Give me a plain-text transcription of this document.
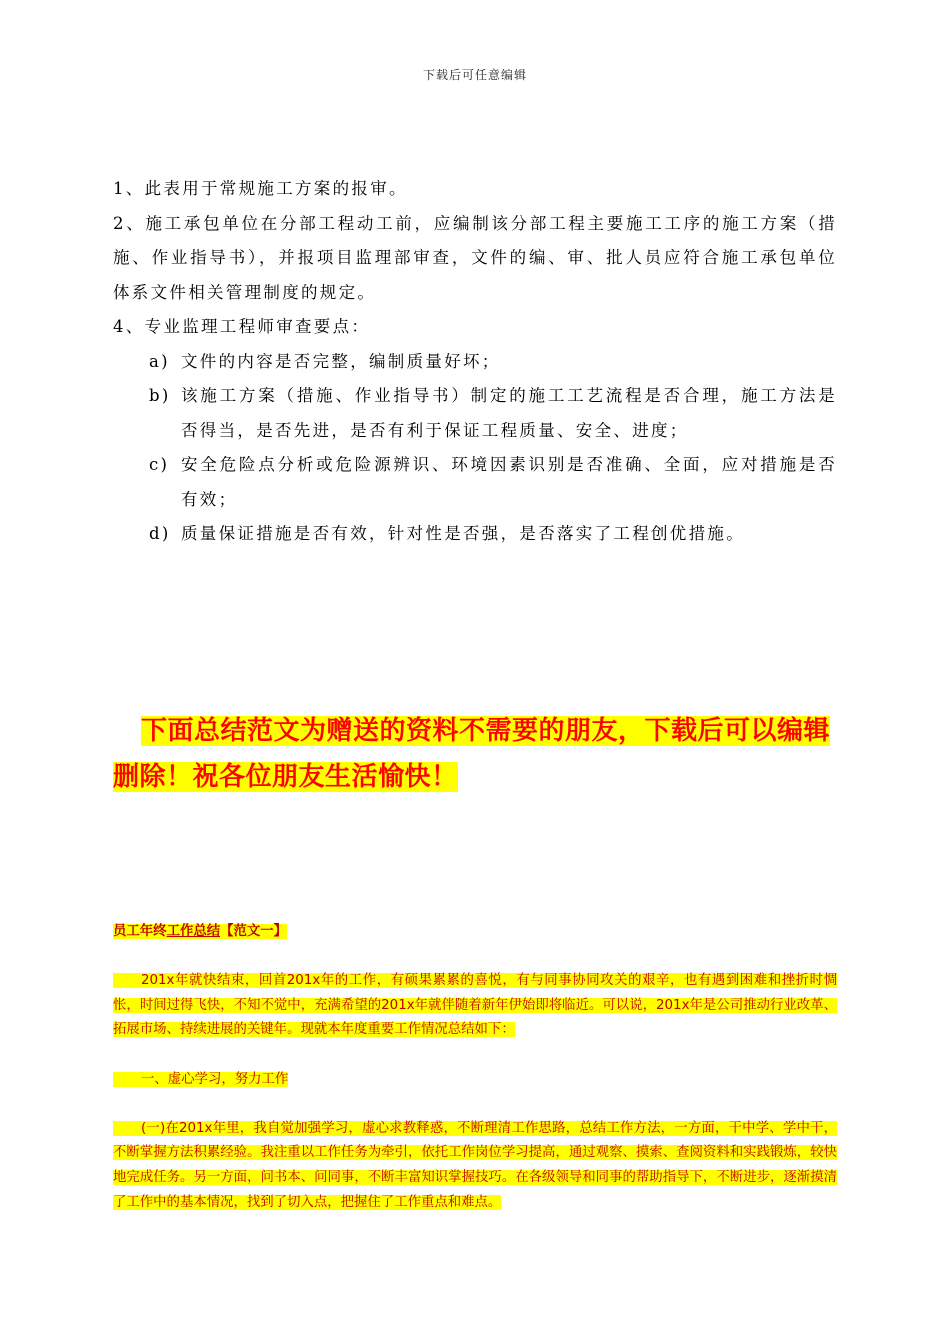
下载后可任意编辑

1、此表用于常规施工方案的报审。

2、施工承包单位在分部工程动工前，应编制该分部工程主要施工工序的施工方案（措施、作业指导书），并报项目监理部审查，文件的编、审、批人员应符合施工承包单位体系文件相关管理制度的规定。

4、专业监理工程师审查要点：

a) 文件的内容是否完整，编制质量好坏；
b) 该施工方案（措施、作业指导书）制定的施工工艺流程是否合理，施工方法是否得当，是否先进，是否有利于保证工程质量、安全、进度；
c) 安全危险点分析或危险源辨识、环境因素识别是否准确、全面，应对措施是否有效；
d) 质量保证措施是否有效，针对性是否强，是否落实了工程创优措施。
下面总结范文为赠送的资料不需要的朋友，下载后可以编辑删除！祝各位朋友生活愉快！

员工年终工作总结【范文一】

201x年就快结束，回首201x年的工作，有硕果累累的喜悦，有与同事协同攻关的艰辛，也有遇到困难和挫折时惆怅，时间过得飞快，不知不觉中，充满希望的201x年就伴随着新年伊始即将临近。可以说，201x年是公司推动行业改革、拓展市场、持续进展的关键年。现就本年度重要工作情况总结如下：

一、虚心学习，努力工作

(一)在201x年里，我自觉加强学习，虚心求教释惑，不断理清工作思路，总结工作方法，一方面，干中学、学中干，不断掌握方法积累经验。我注重以工作任务为牵引，依托工作岗位学习提高，通过观察、摸索、查阅资料和实践锻炼，较快地完成任务。另一方面，问书本、问同事，不断丰富知识掌握技巧。在各级领导和同事的帮助指导下，不断进步，逐渐摸清了工作中的基本情况，找到了切入点，把握住了工作重点和难点。
